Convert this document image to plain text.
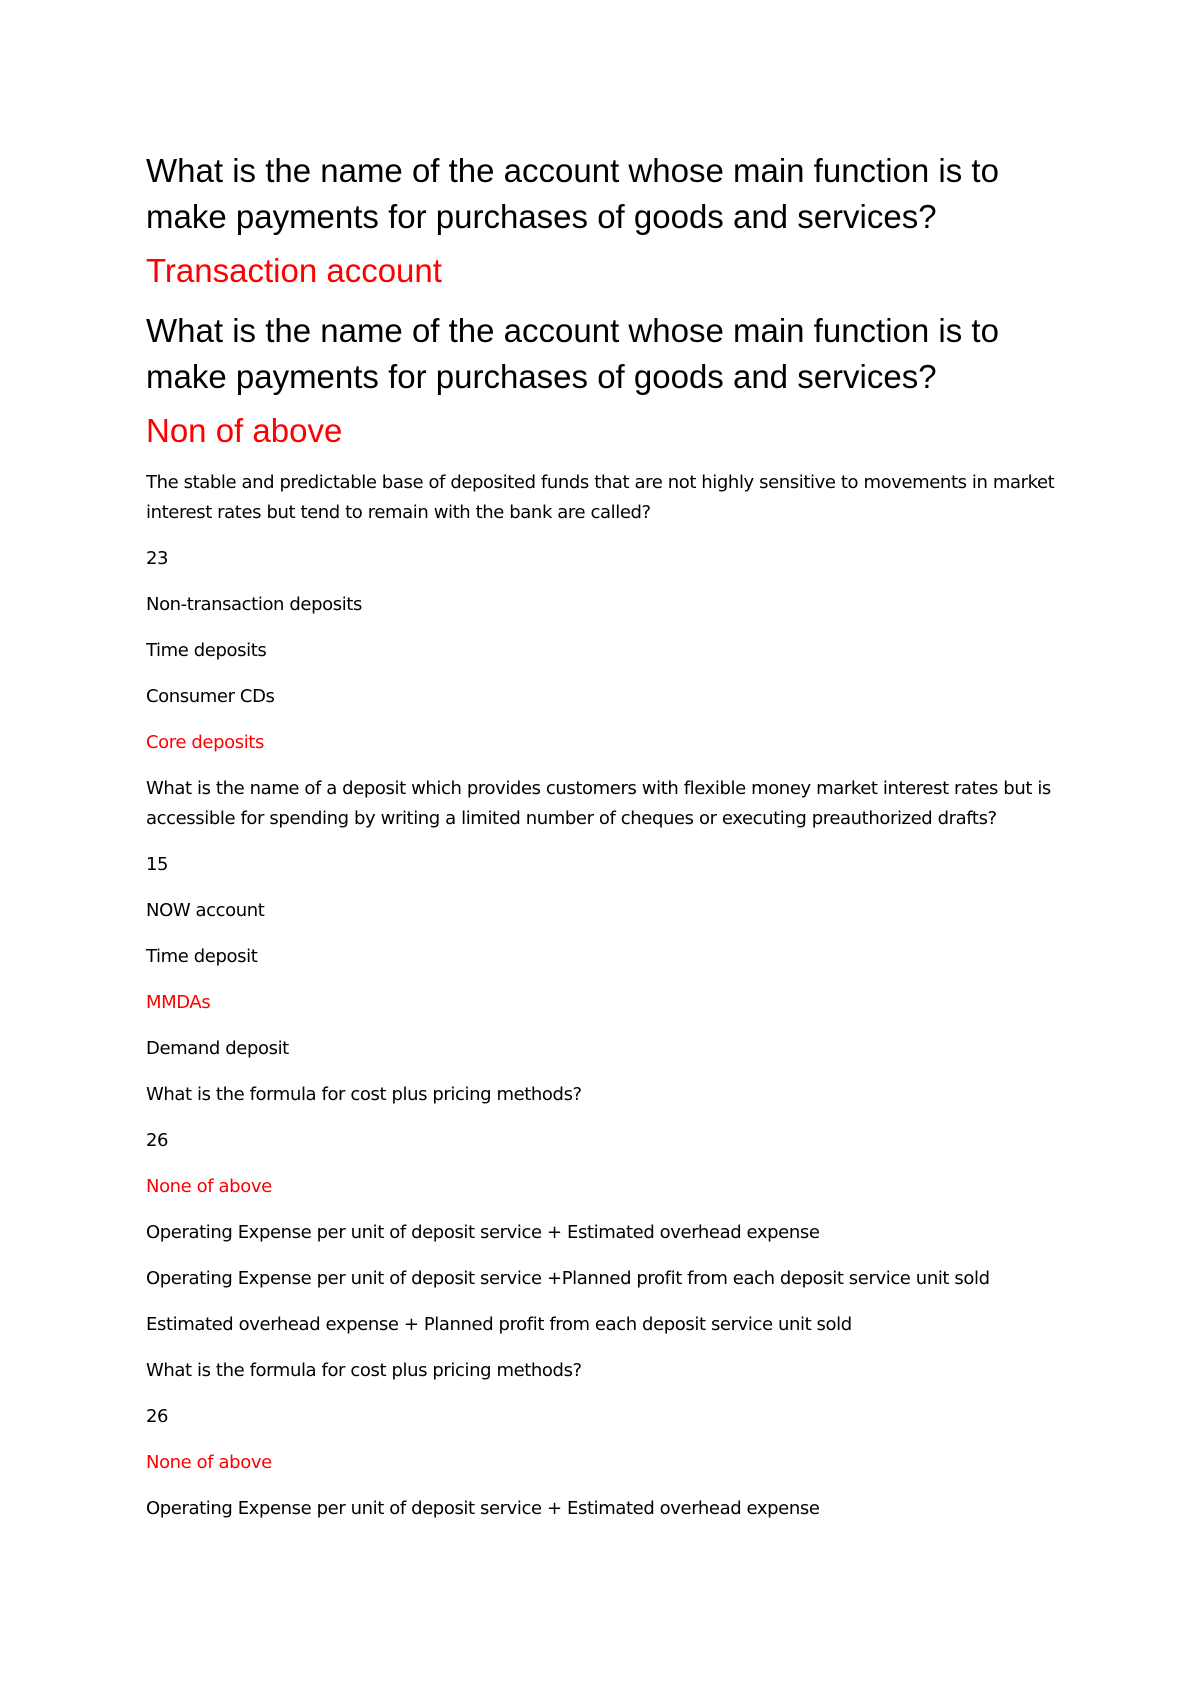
What is the name of the account whose main function is to make payments for purchases of goods and services?

Transaction account

What is the name of the account whose main function is to make payments for purchases of goods and services?

Non of above

The stable and predictable base of deposited funds that are not highly sensitive to movements in market interest rates but tend to remain with the bank are called?

23

Non-transaction deposits

Time deposits

Consumer CDs

Core deposits

What is the name of a deposit which provides customers with flexible money market interest rates but is accessible for spending by writing a limited number of cheques or executing preauthorized drafts?

15

NOW account

Time deposit

MMDAs

Demand deposit

What is the formula for cost plus pricing methods?

26

None of above

Operating Expense per unit of deposit service + Estimated overhead expense

Operating Expense per unit of deposit service +Planned profit from each deposit service unit sold

Estimated overhead expense + Planned profit from each deposit service unit sold

What is the formula for cost plus pricing methods?

26

None of above

Operating Expense per unit of deposit service + Estimated overhead expense
